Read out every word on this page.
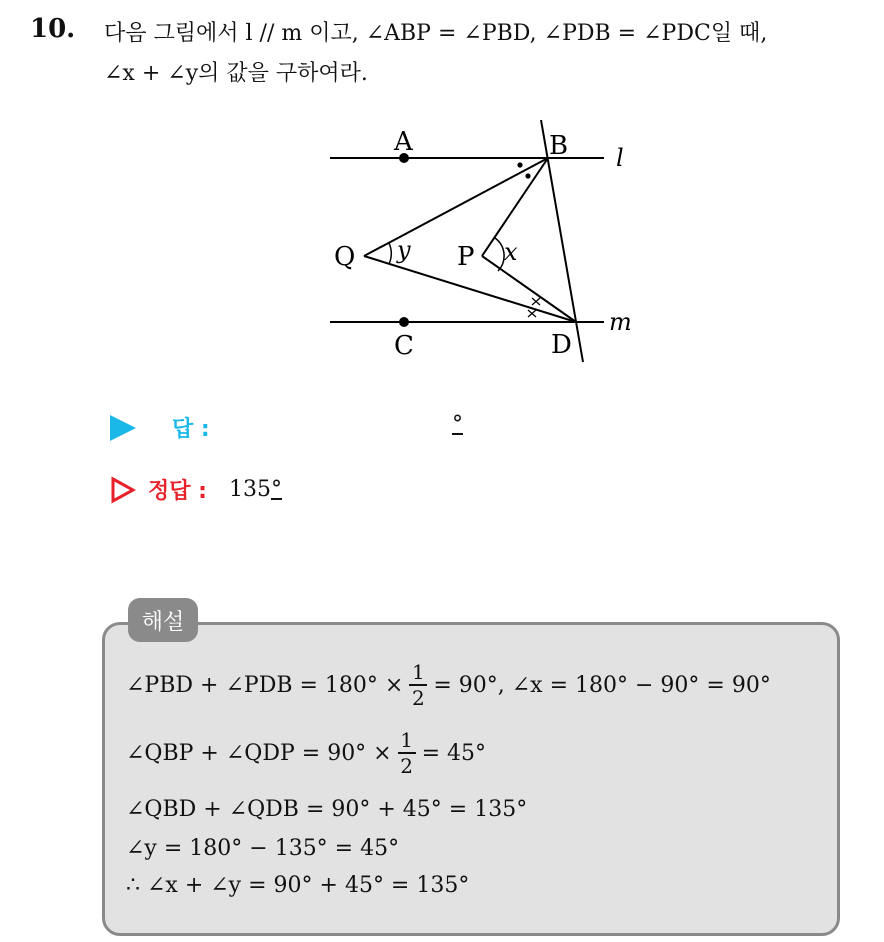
10. 다음 그림에서 l // m 이고, ∠ABP = ∠PBD, ∠PDB = ∠PDC일 때,
∠x + ∠y의 값을 구하여라.
A	B
C	D
P
Q
l
m
x
y
답 :	°
정답 : 135°
해설
∠PBD + ∠PDB = $180^\circ \times \frac{1}{2} = 90^\circ$, ∠x = 180° − 90° = 90°
∠QBP + ∠QDP = $90^\circ \times \frac{1}{2} = 45^\circ$
∠QBD + ∠QDB = 90° + 45° = 135°
∠y = 180° − 135° = 45°
∴ ∠x + ∠y = 90° + 45° = 135°
